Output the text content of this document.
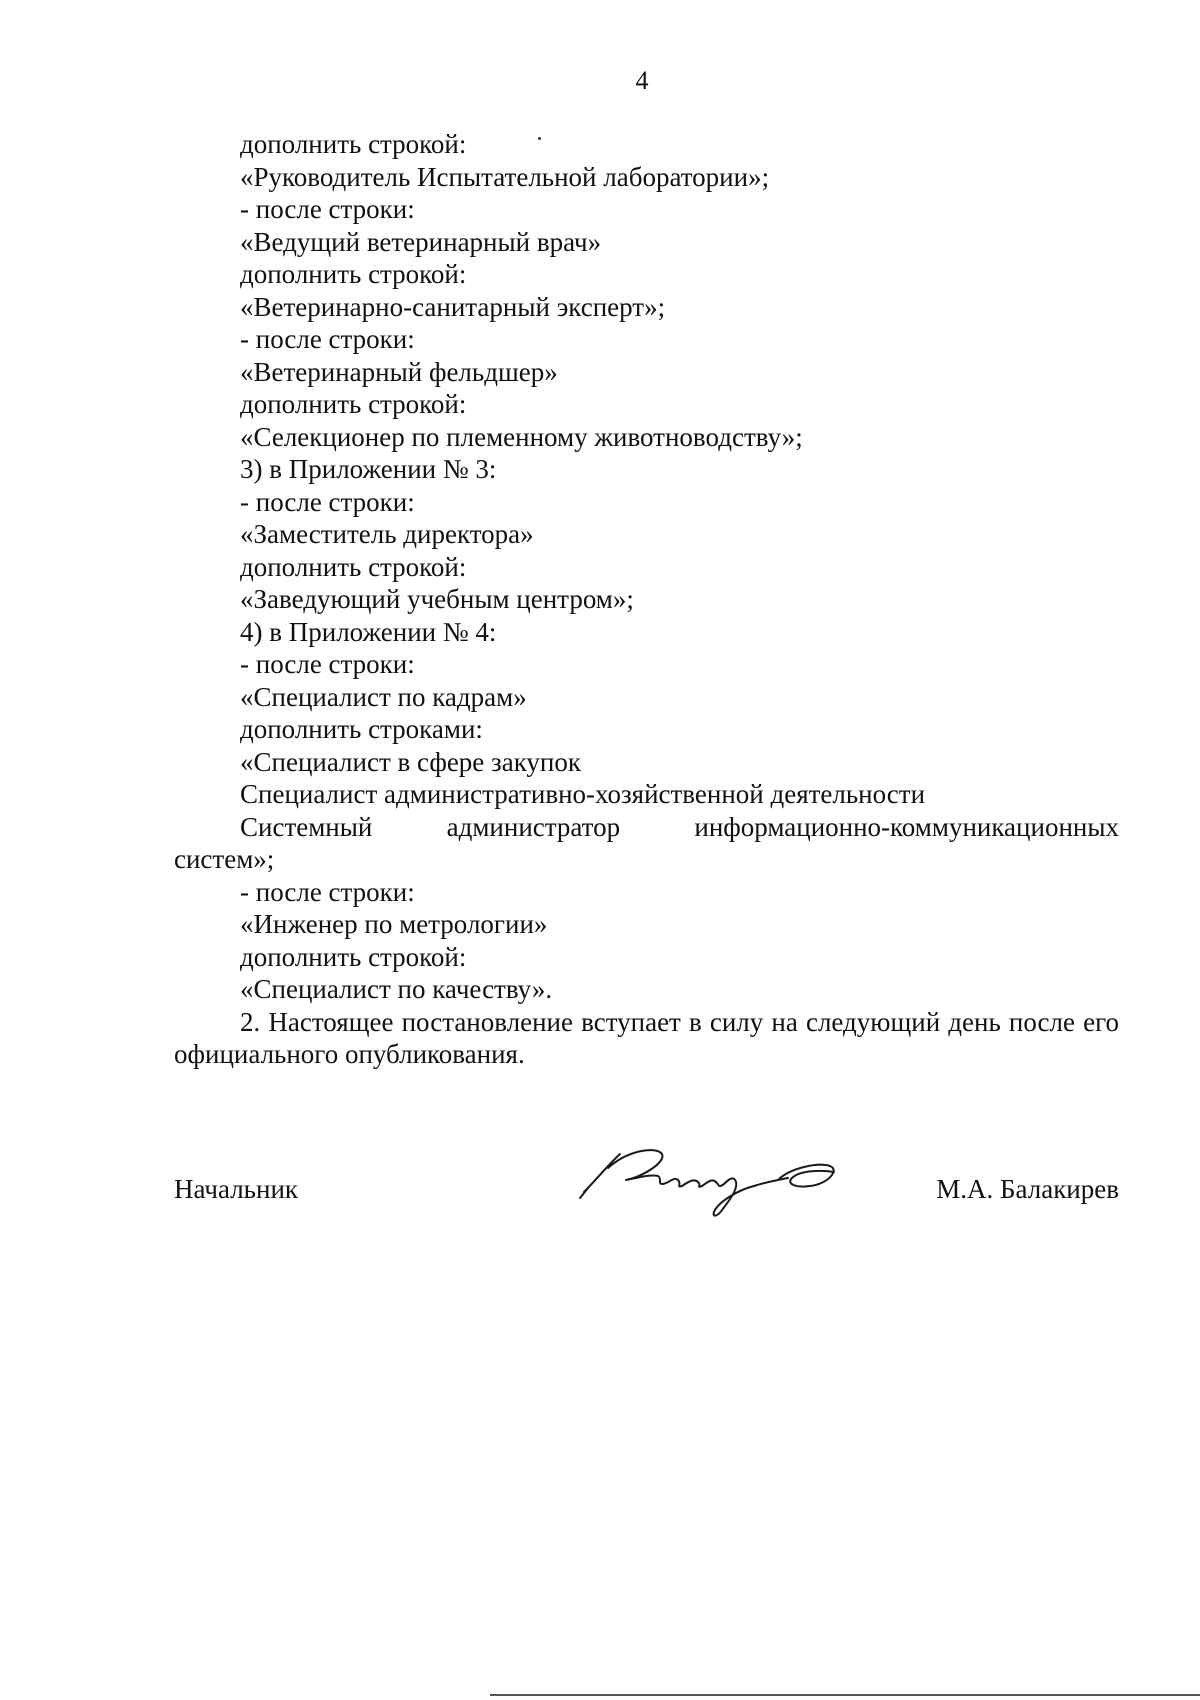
4
дополнить строкой:
«Руководитель Испытательной лаборатории»;
- после строки:
«Ведущий ветеринарный врач»
дополнить строкой:
«Ветеринарно-санитарный эксперт»;
- после строки:
«Ветеринарный фельдшер»
дополнить строкой:
«Селекционер по племенному животноводству»;
3) в Приложении № 3:
- после строки:
«Заместитель директора»
дополнить строкой:
«Заведующий учебным центром»;
4) в Приложении № 4:
- после строки:
«Специалист по кадрам»
дополнить строками:
«Специалист в сфере закупок
Специалист административно-хозяйственной деятельности
Системный	администратор	информационно-коммуникационных
систем»;
- после строки:
«Инженер по метрологии»
дополнить строкой:
«Специалист по качеству».
2. Настоящее постановление вступает в силу на следующий день после его официального опубликования.
Начальник	М.А. Балакирев
